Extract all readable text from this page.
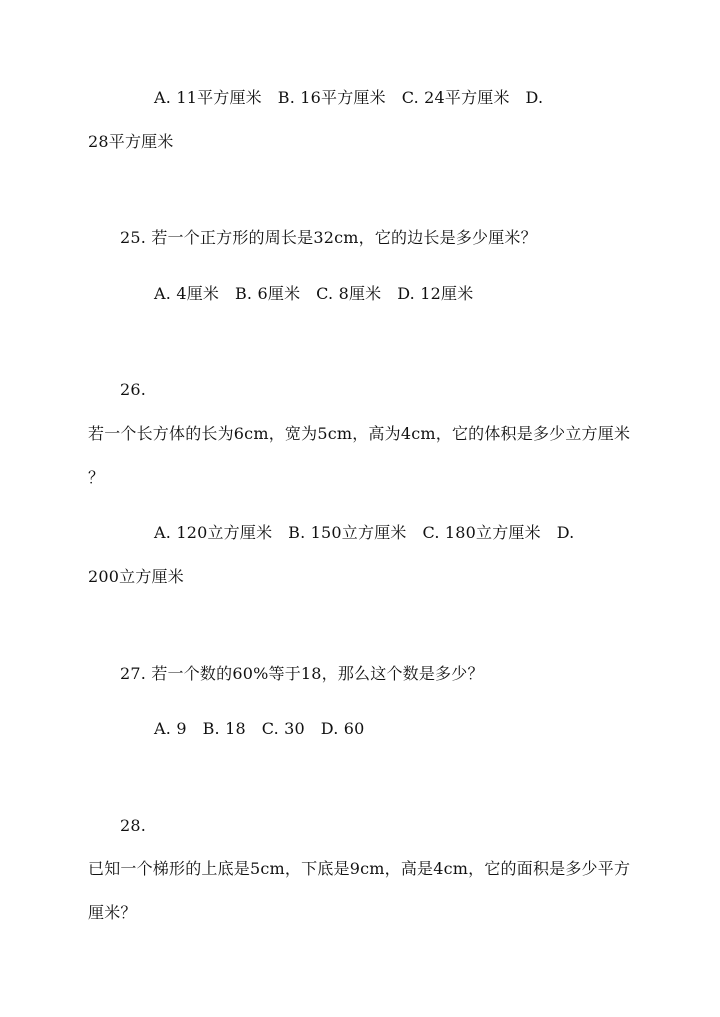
A. 11平方厘米   B. 16平方厘米   C. 24平方厘米   D.
28平方厘米
25. 若一个正方形的周长是32cm，它的边长是多少厘米？
A. 4厘米   B. 6厘米   C. 8厘米   D. 12厘米
26.
若一个长方体的长为6cm，宽为5cm，高为4cm，它的体积是多少立方厘米
？
A. 120立方厘米   B. 150立方厘米   C. 180立方厘米   D.
200立方厘米
27. 若一个数的60%等于18，那么这个数是多少？
A. 9   B. 18   C. 30   D. 60
28.
已知一个梯形的上底是5cm，下底是9cm，高是4cm，它的面积是多少平方
厘米？
